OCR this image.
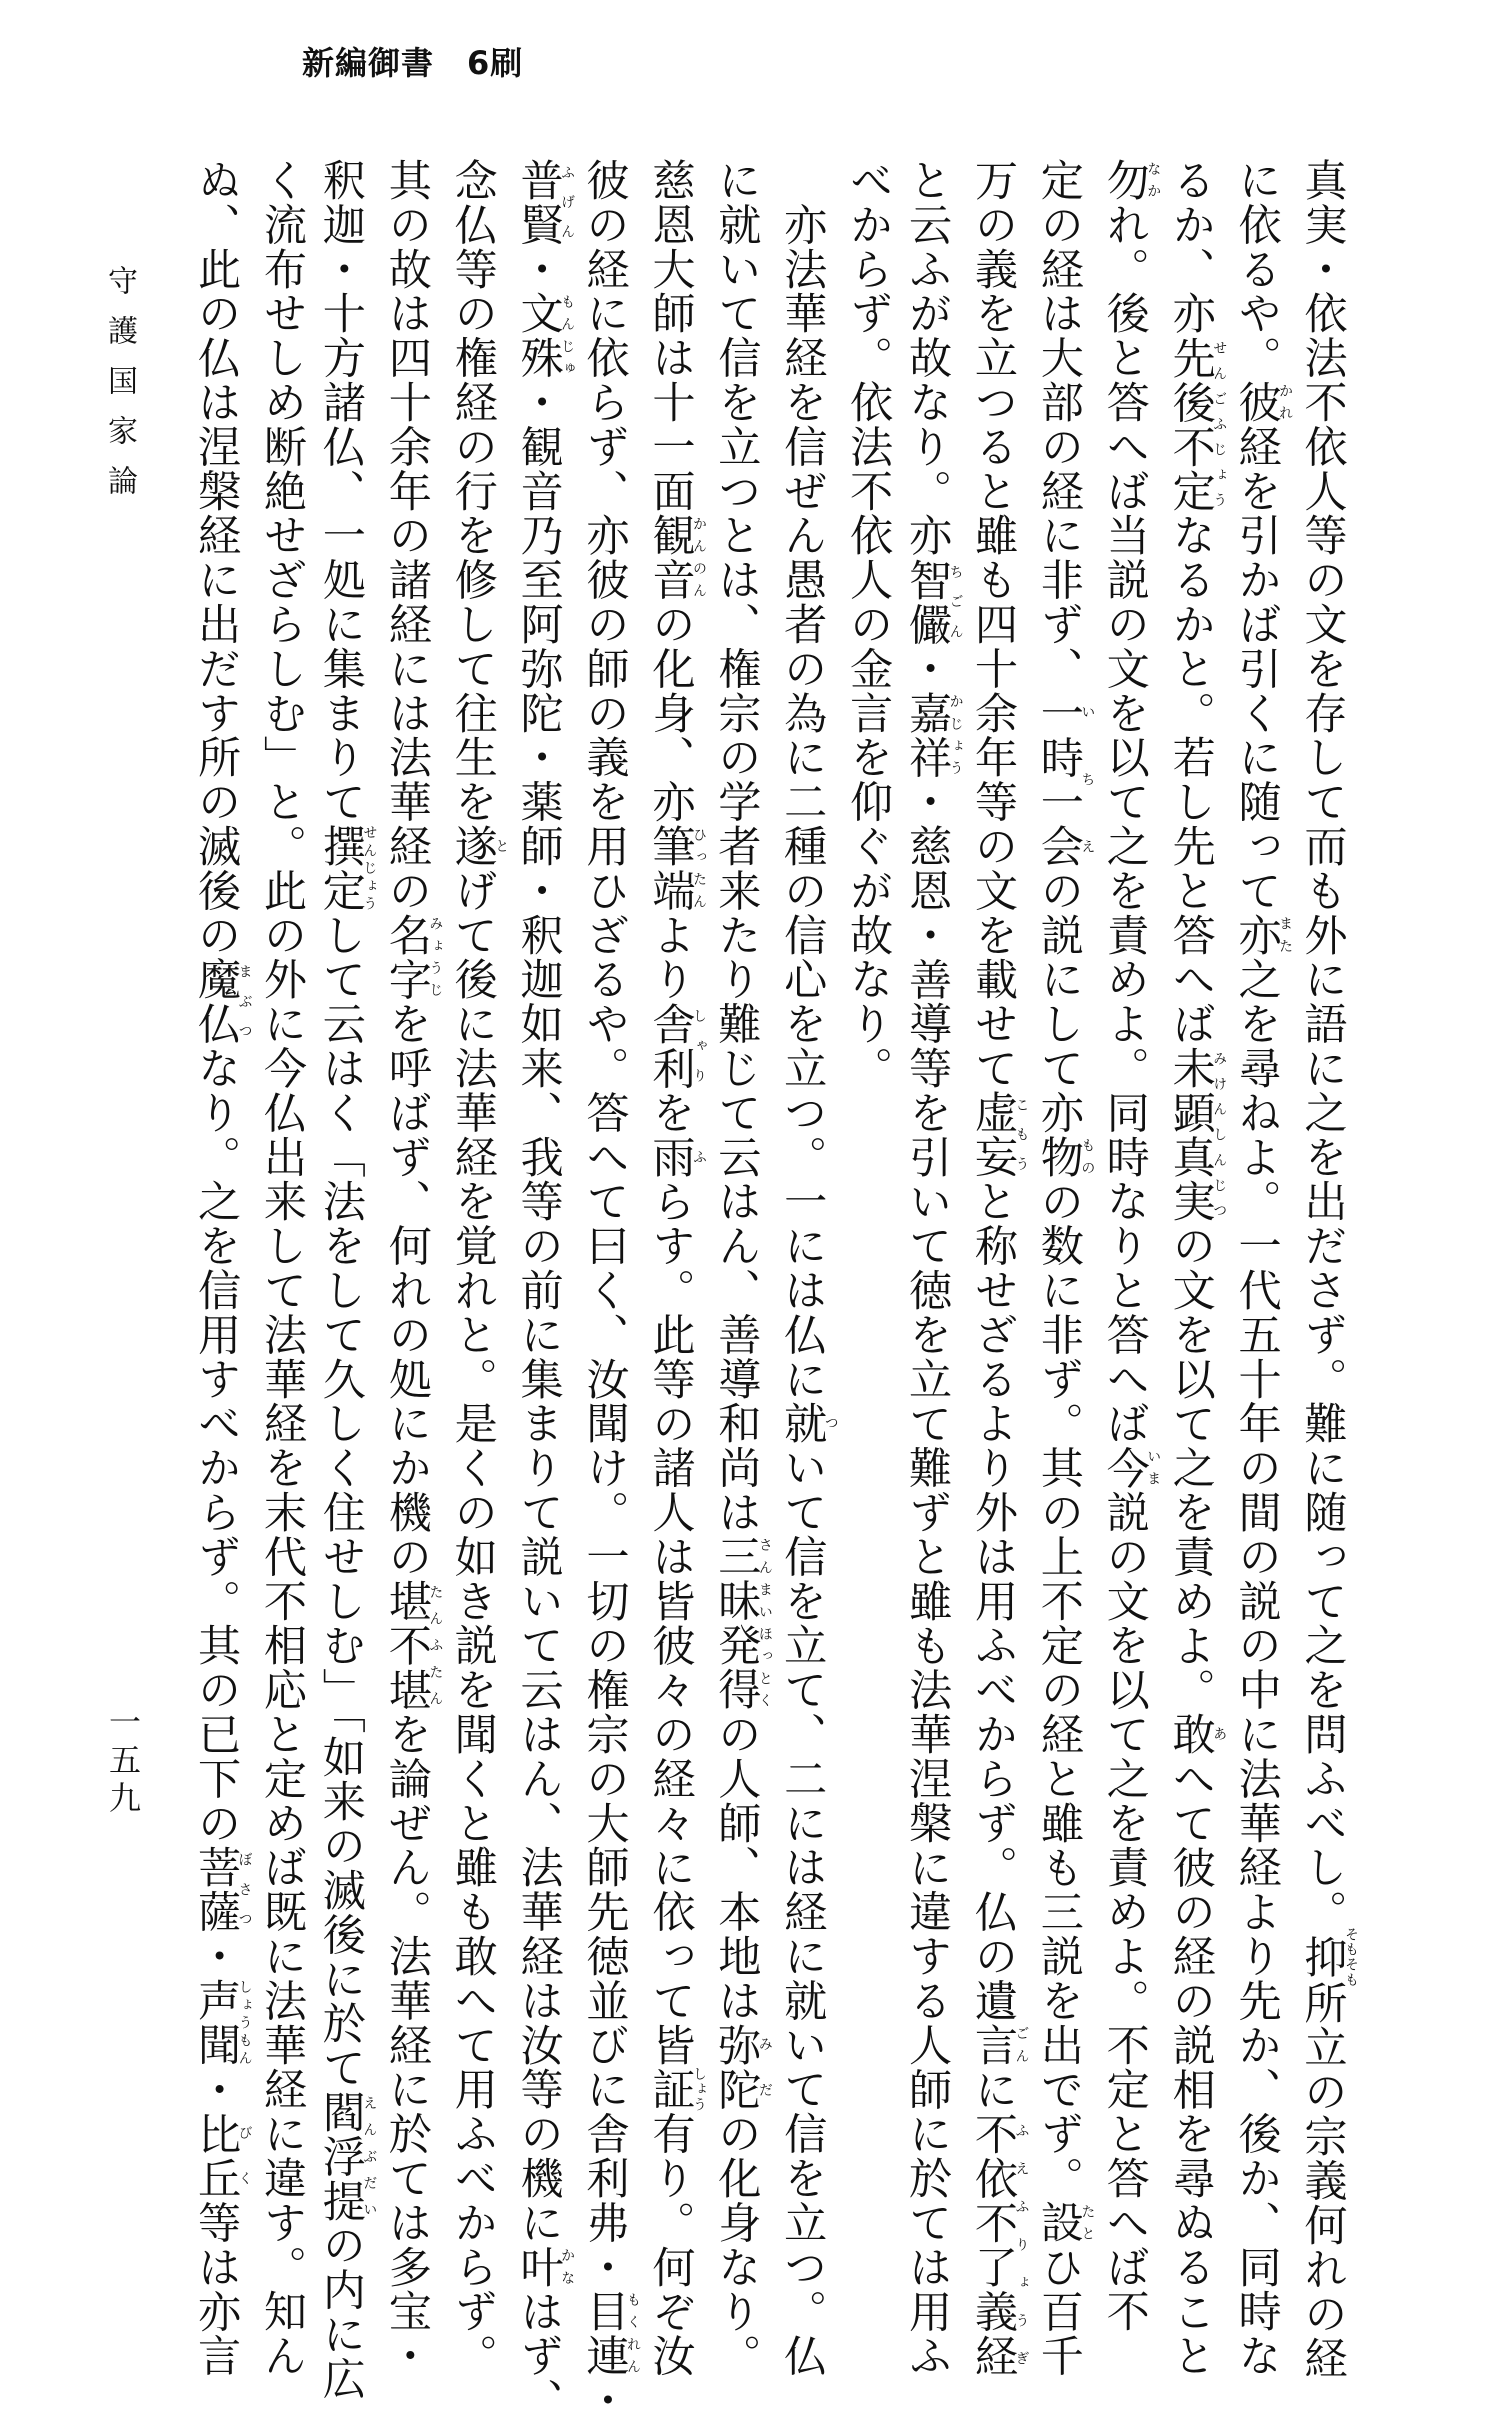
新編御書　6刷
真実・依法不依人等の文を存して而も外に語に之を出ださず。難に随って之を問ふべし。抑そもそも所立の宗義何れの経
に依るや。彼かれ経を引かば引くに随って亦また之を尋ねよ。一代五十年の間の説の中に法華経より先か、後か、同時な
るか、亦先後不定せんごふじょうなるかと。若し先と答へば未顕真実みけんしんじつの文を以て之を責めよ。敢あへて彼の経の説相を尋ぬること
勿なかれ。後と答へば当説の文を以て之を責めよ。同時なりと答へば今いま説の文を以て之を責めよ。不定と答へば不
定の経は大部の経に非ず、一時一会いちえの説にして亦物ものの数に非ず。其の上不定の経と雖も三説を出でず。設たとひ百千
万の義を立つると雖も四十余年等の文を載せて虚妄こもうと称せざるより外は用ふべからず。仏の遺言ごんに不依不了義経ふえふりょうぎ
と云ふが故なり。亦智儼ちごん・嘉祥かじょう・慈恩・善導等を引いて徳を立て難ずと雖も法華涅槃に違する人師に於ては用ふ
べからず。依法不依人の金言を仰ぐが故なり。
　亦法華経を信ぜん愚者の為に二種の信心を立つ。一には仏に就ついて信を立て、二には経に就いて信を立つ。仏
に就いて信を立つとは、権宗の学者来たり難じて云はん、善導和尚は三昧発得さんまいほっとくの人師、本地は弥陀みだの化身なり。
慈恩大師は十一面観音かんのんの化身、亦筆端ひったんより舎利しゃりを雨ふらす。此等の諸人は皆彼々の経々に依って皆証しょう有り。何ぞ汝
彼の経に依らず、亦彼の師の義を用ひざるや。答へて曰く、汝聞け。一切の権宗の大師先徳並びに舎利弗・目連もくれん・
普賢ふげん・文殊もんじゅ・観音乃至阿弥陀・薬師・釈迦如来、我等の前に集まりて説いて云はん、法華経は汝等の機に叶かなはず、
念仏等の権経の行を修して往生を遂とげて後に法華経を覚れと。是くの如き説を聞くと雖も敢へて用ふべからず。
其の故は四十余年の諸経には法華経の名字みょうじを呼ばず、何れの処にか機の堪不堪たんふたんを論ぜん。法華経に於ては多宝・
釈迦・十方諸仏、一処に集まりて撰定せんじょうして云はく「法をして久しく住せしむ」「如来の滅後に於て閻浮提えんぶだいの内に広
く流布せしめ断絶せざらしむ」と。此の外に今仏出来して法華経を末代不相応と定めば既に法華経に違す。知ん
ぬ、此の仏は涅槃経に出だす所の滅後の魔仏まぶつなり。之を信用すべからず。其の已下の菩薩ぼさつ・声聞しょうもん・比丘びく等は亦言
守護国家論
一五九
